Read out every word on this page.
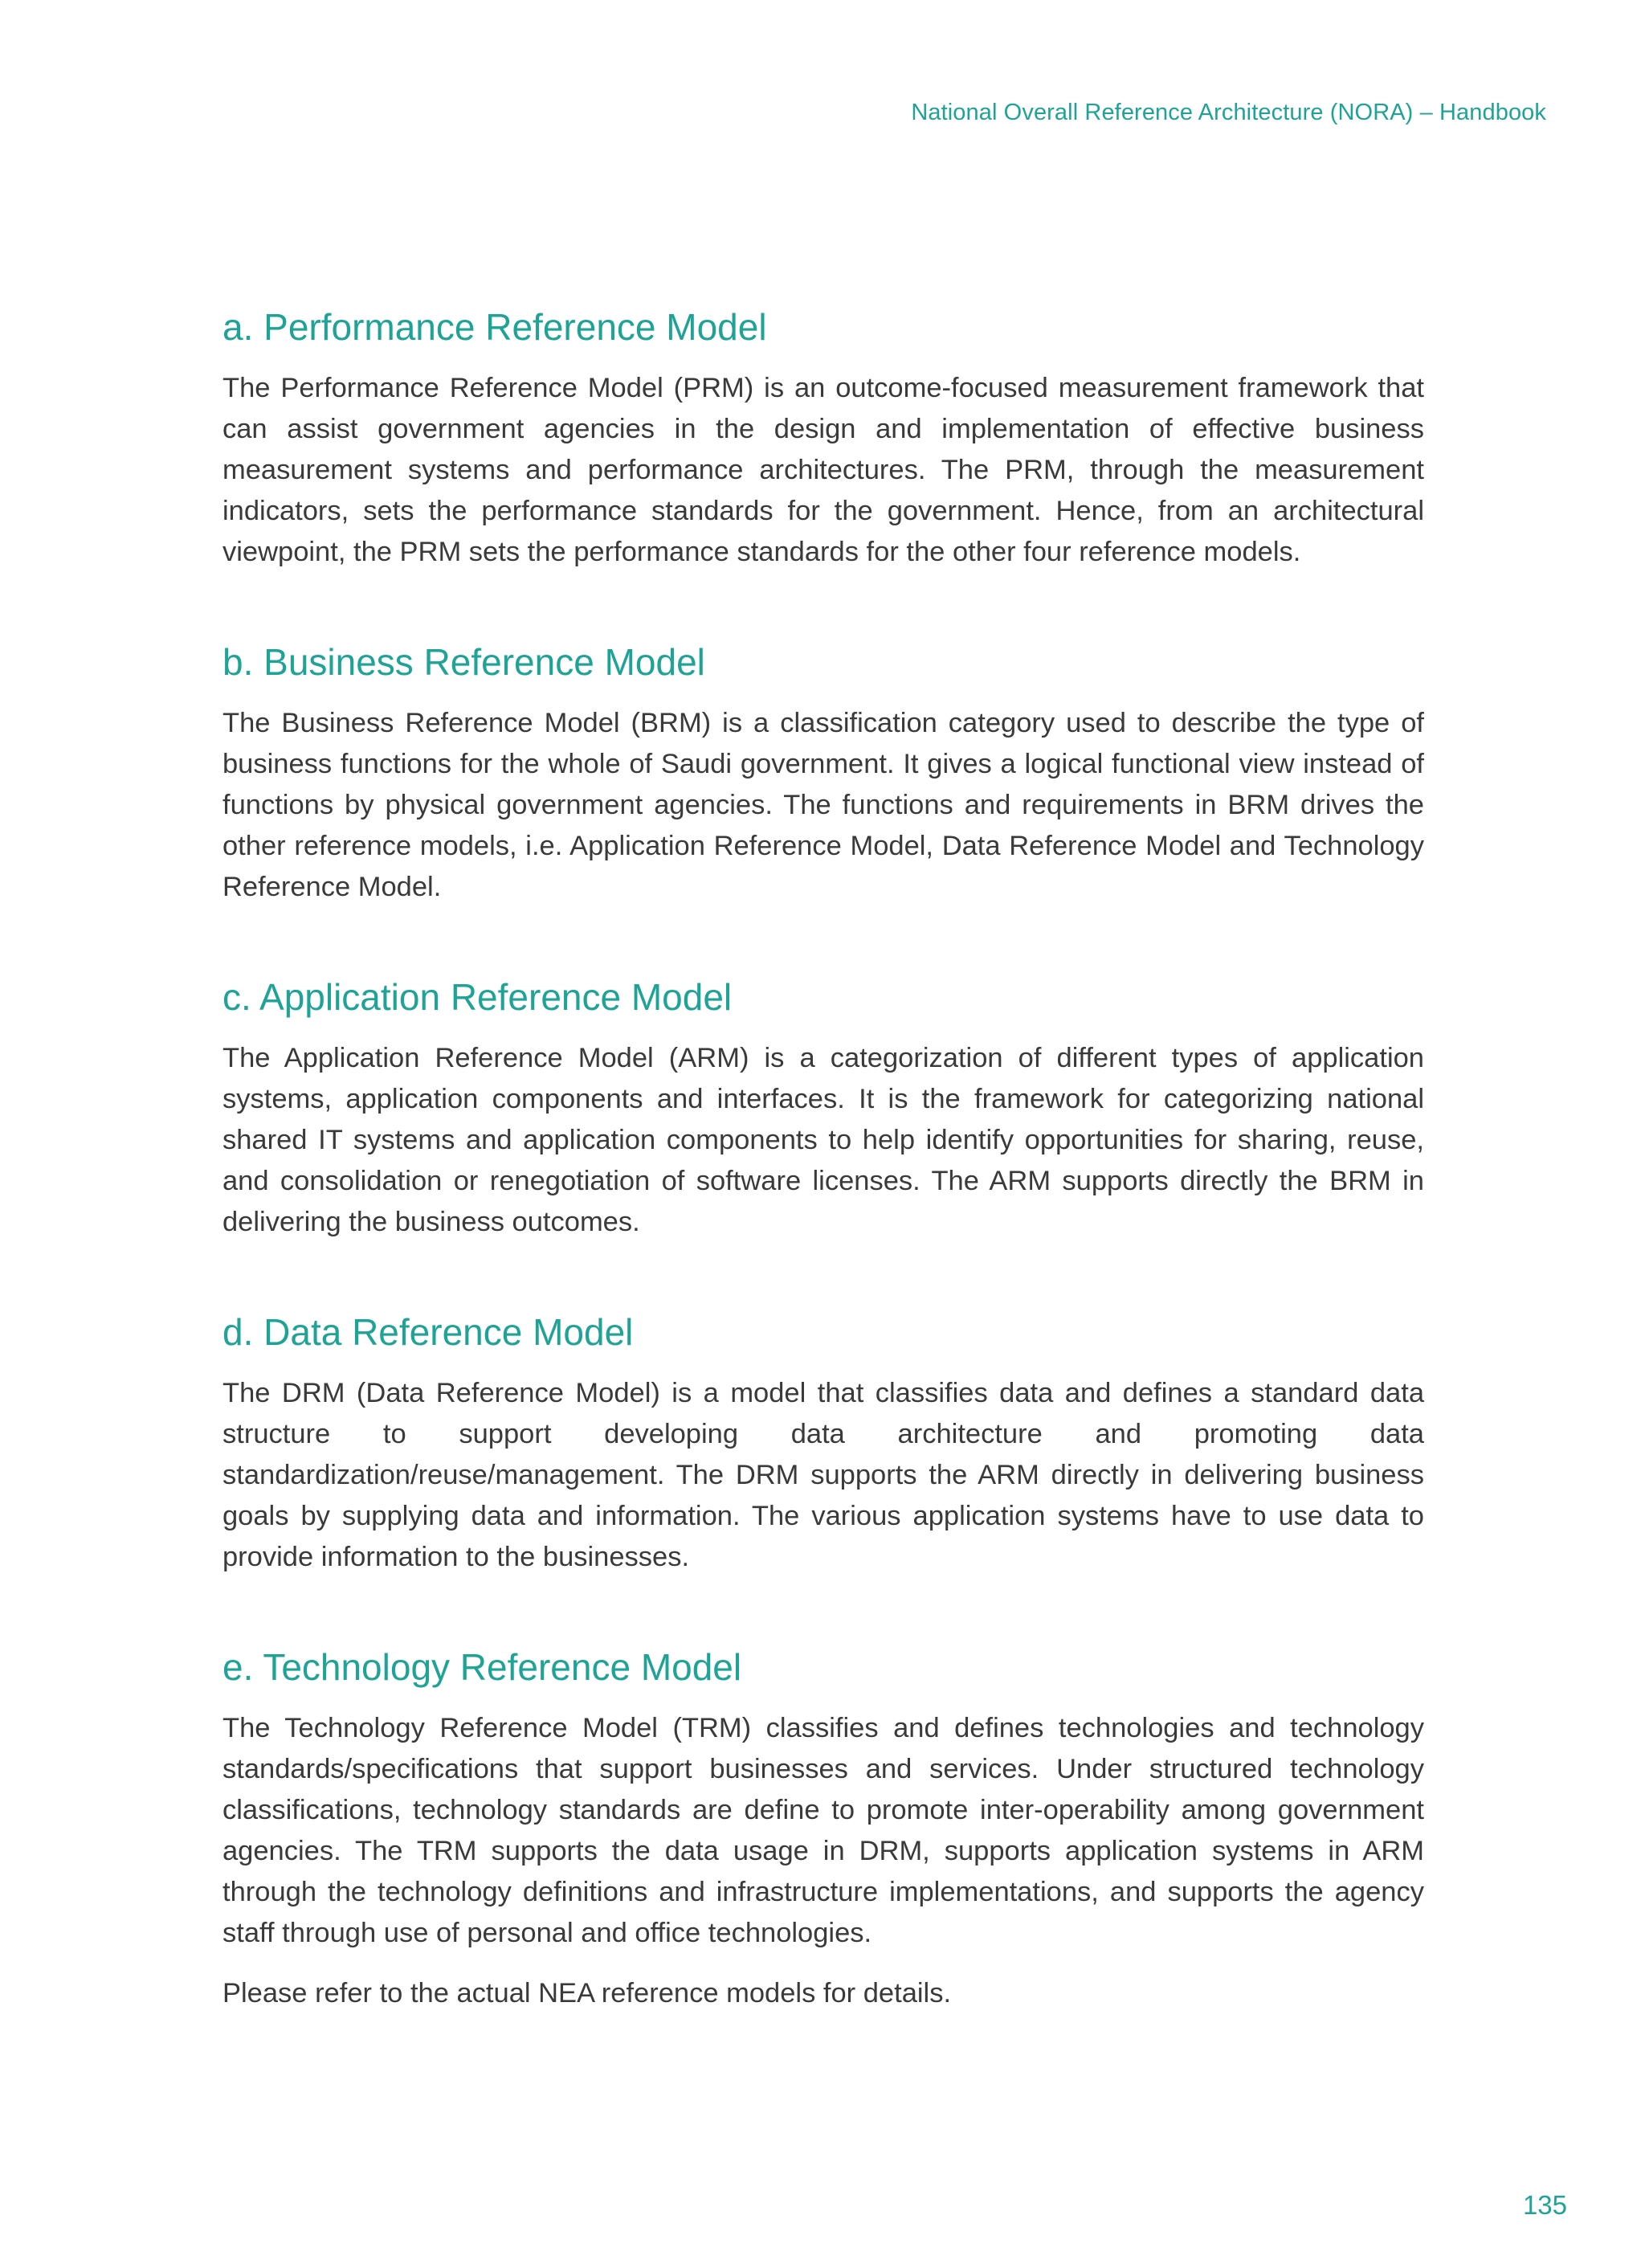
National Overall Reference Architecture (NORA) – Handbook
a. Performance Reference Model

The Performance Reference Model (PRM) is an outcome-focused measurement framework that can assist government agencies in the design and implementation of effective business measurement systems and performance architectures. The PRM, through the measurement indicators, sets the performance standards for the government. Hence, from an architectural viewpoint, the PRM sets the performance standards for the other four reference models.

b. Business Reference Model

The Business Reference Model (BRM) is a classification category used to describe the type of business functions for the whole of Saudi government. It gives a logical functional view instead of functions by physical government agencies. The functions and requirements in BRM drives the other reference models, i.e. Application Reference Model, Data Reference Model and Technology Reference Model.

c. Application Reference Model

The Application Reference Model (ARM) is a categorization of different types of application systems, application components and interfaces. It is the framework for categorizing national shared IT systems and application components to help identify opportunities for sharing, reuse, and consolidation or renegotiation of software licenses. The ARM supports directly the BRM in delivering the business outcomes.

d. Data Reference Model

The DRM (Data Reference Model) is a model that classifies data and defines a standard data structure to support developing data architecture and promoting data standardization/reuse/management. The DRM supports the ARM directly in delivering business goals by supplying data and information. The various application systems have to use data to provide information to the businesses.

e. Technology Reference Model

The Technology Reference Model (TRM) classifies and defines technologies and technology standards/specifications that support businesses and services. Under structured technology classifications, technology standards are define to promote inter-operability among government agencies. The TRM supports the data usage in DRM, supports application systems in ARM through the technology definitions and infrastructure implementations, and supports the agency staff through use of personal and office technologies.

Please refer to the actual NEA reference models for details.

135
